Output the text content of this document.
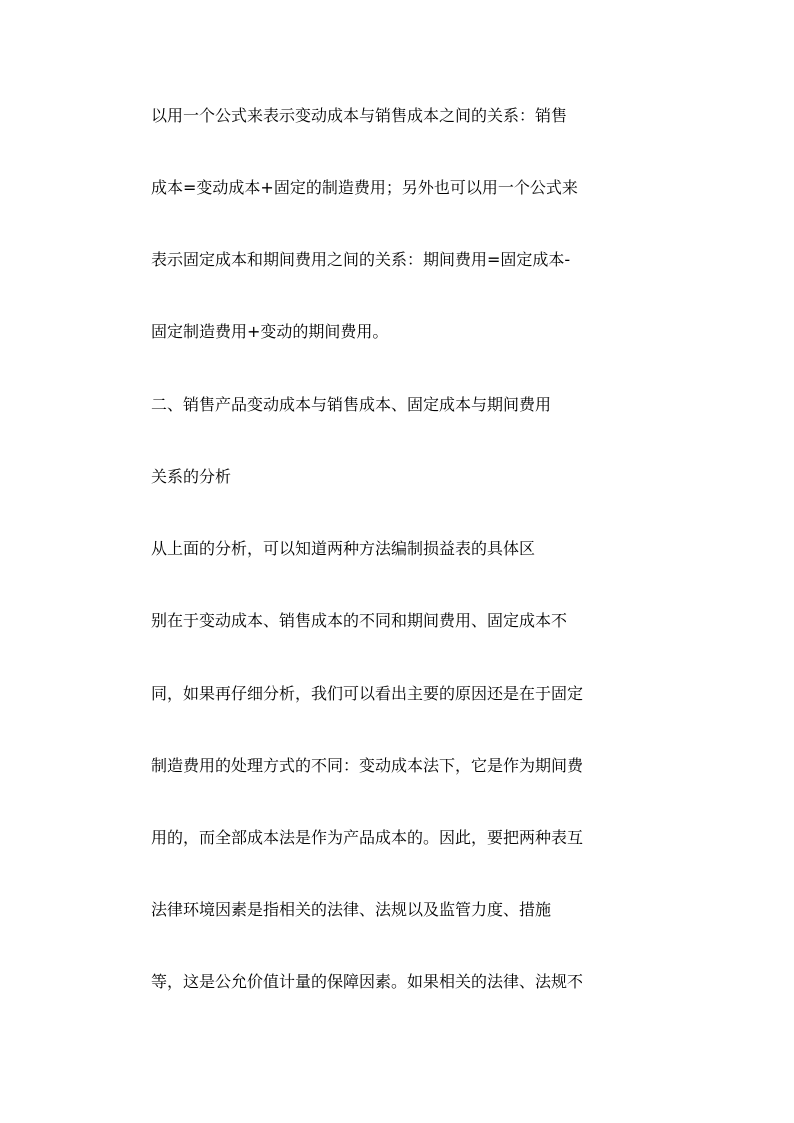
以用一个公式来表示变动成本与销售成本之间的关系：销售
成本=变动成本+固定的制造费用；另外也可以用一个公式来
表示固定成本和期间费用之间的关系：期间费用=固定成本-
固定制造费用+变动的期间费用。
二、销售产品变动成本与销售成本、固定成本与期间费用
关系的分析
从上面的分析，可以知道两种方法编制损益表的具体区
别在于变动成本、销售成本的不同和期间费用、固定成本不
同，如果再仔细分析，我们可以看出主要的原因还是在于固定
制造费用的处理方式的不同：变动成本法下，它是作为期间费
用的，而全部成本法是作为产品成本的。因此，要把两种表互
法律环境因素是指相关的法律、法规以及监管力度、措施
等，这是公允价值计量的保障因素。如果相关的法律、法规不
